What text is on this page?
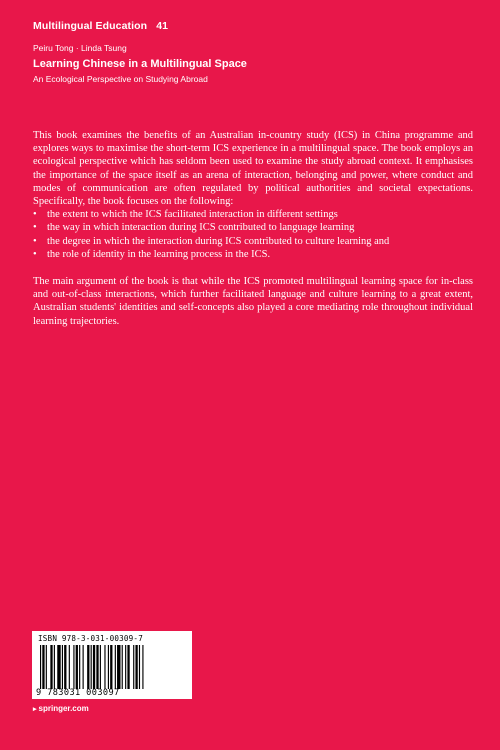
Multilingual Education 41

Peiru Tong · Linda Tsung

Learning Chinese in a Multilingual Space

An Ecological Perspective on Studying Abroad

This book examines the benefits of an Australian in-country study (ICS) in China programme and explores ways to maximise the short-term ICS experience in a multilingual space. The book employs an ecological perspective which has seldom been used to examine the study abroad context. It emphasises the importance of the space itself as an arena of interaction, belonging and power, where conduct and modes of communication are often regulated by political authorities and societal expectations. Specifically, the book focuses on the following:

• the extent to which the ICS facilitated interaction in different settings
• the way in which interaction during ICS contributed to language learning
• the degree in which the interaction during ICS contributed to culture learning and
• the role of identity in the learning process in the ICS.

The main argument of the book is that while the ICS promoted multilingual learning space for in-class and out-of-class interactions, which further facilitated language and culture learning to a great extent, Australian students' identities and self-concepts also played a core mediating role throughout individual learning trajectories.

ISBN 978-3-031-00309-7
9 783031 003097
▸ springer.com
